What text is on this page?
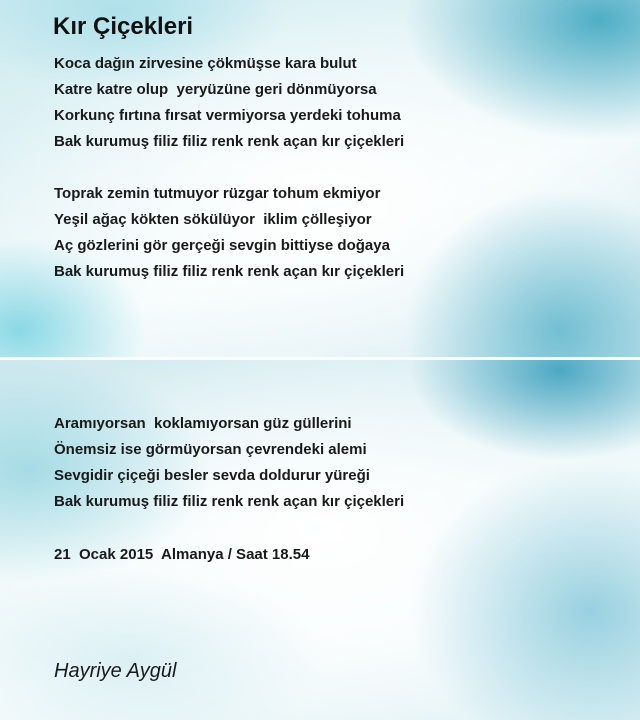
Kır Çiçekleri
Koca dağın zirvesine çökmüşse kara bulut
Katre katre olup  yeryüzüne geri dönmüyorsa
Korkunç fırtına fırsat vermiyorsa yerdeki tohuma
Bak kurumuş filiz filiz renk renk açan kır çiçekleri
Toprak zemin tutmuyor rüzgar tohum ekmiyor
Yeşil ağaç kökten sökülüyor  iklim çölleşiyor
Aç gözlerini gör gerçeği sevgin bittiyse doğaya
Bak kurumuş filiz filiz renk renk açan kır çiçekleri
Aramıyorsan  koklamıyorsan güz güllerini
Önemsiz ise görmüyorsan çevrendeki alemi
Sevgidir çiçeği besler sevda doldurur yüreği
Bak kurumuş filiz filiz renk renk açan kır çiçekleri

21  Ocak 2015  Almanya / Saat 18.54

Hayriye Aygül
